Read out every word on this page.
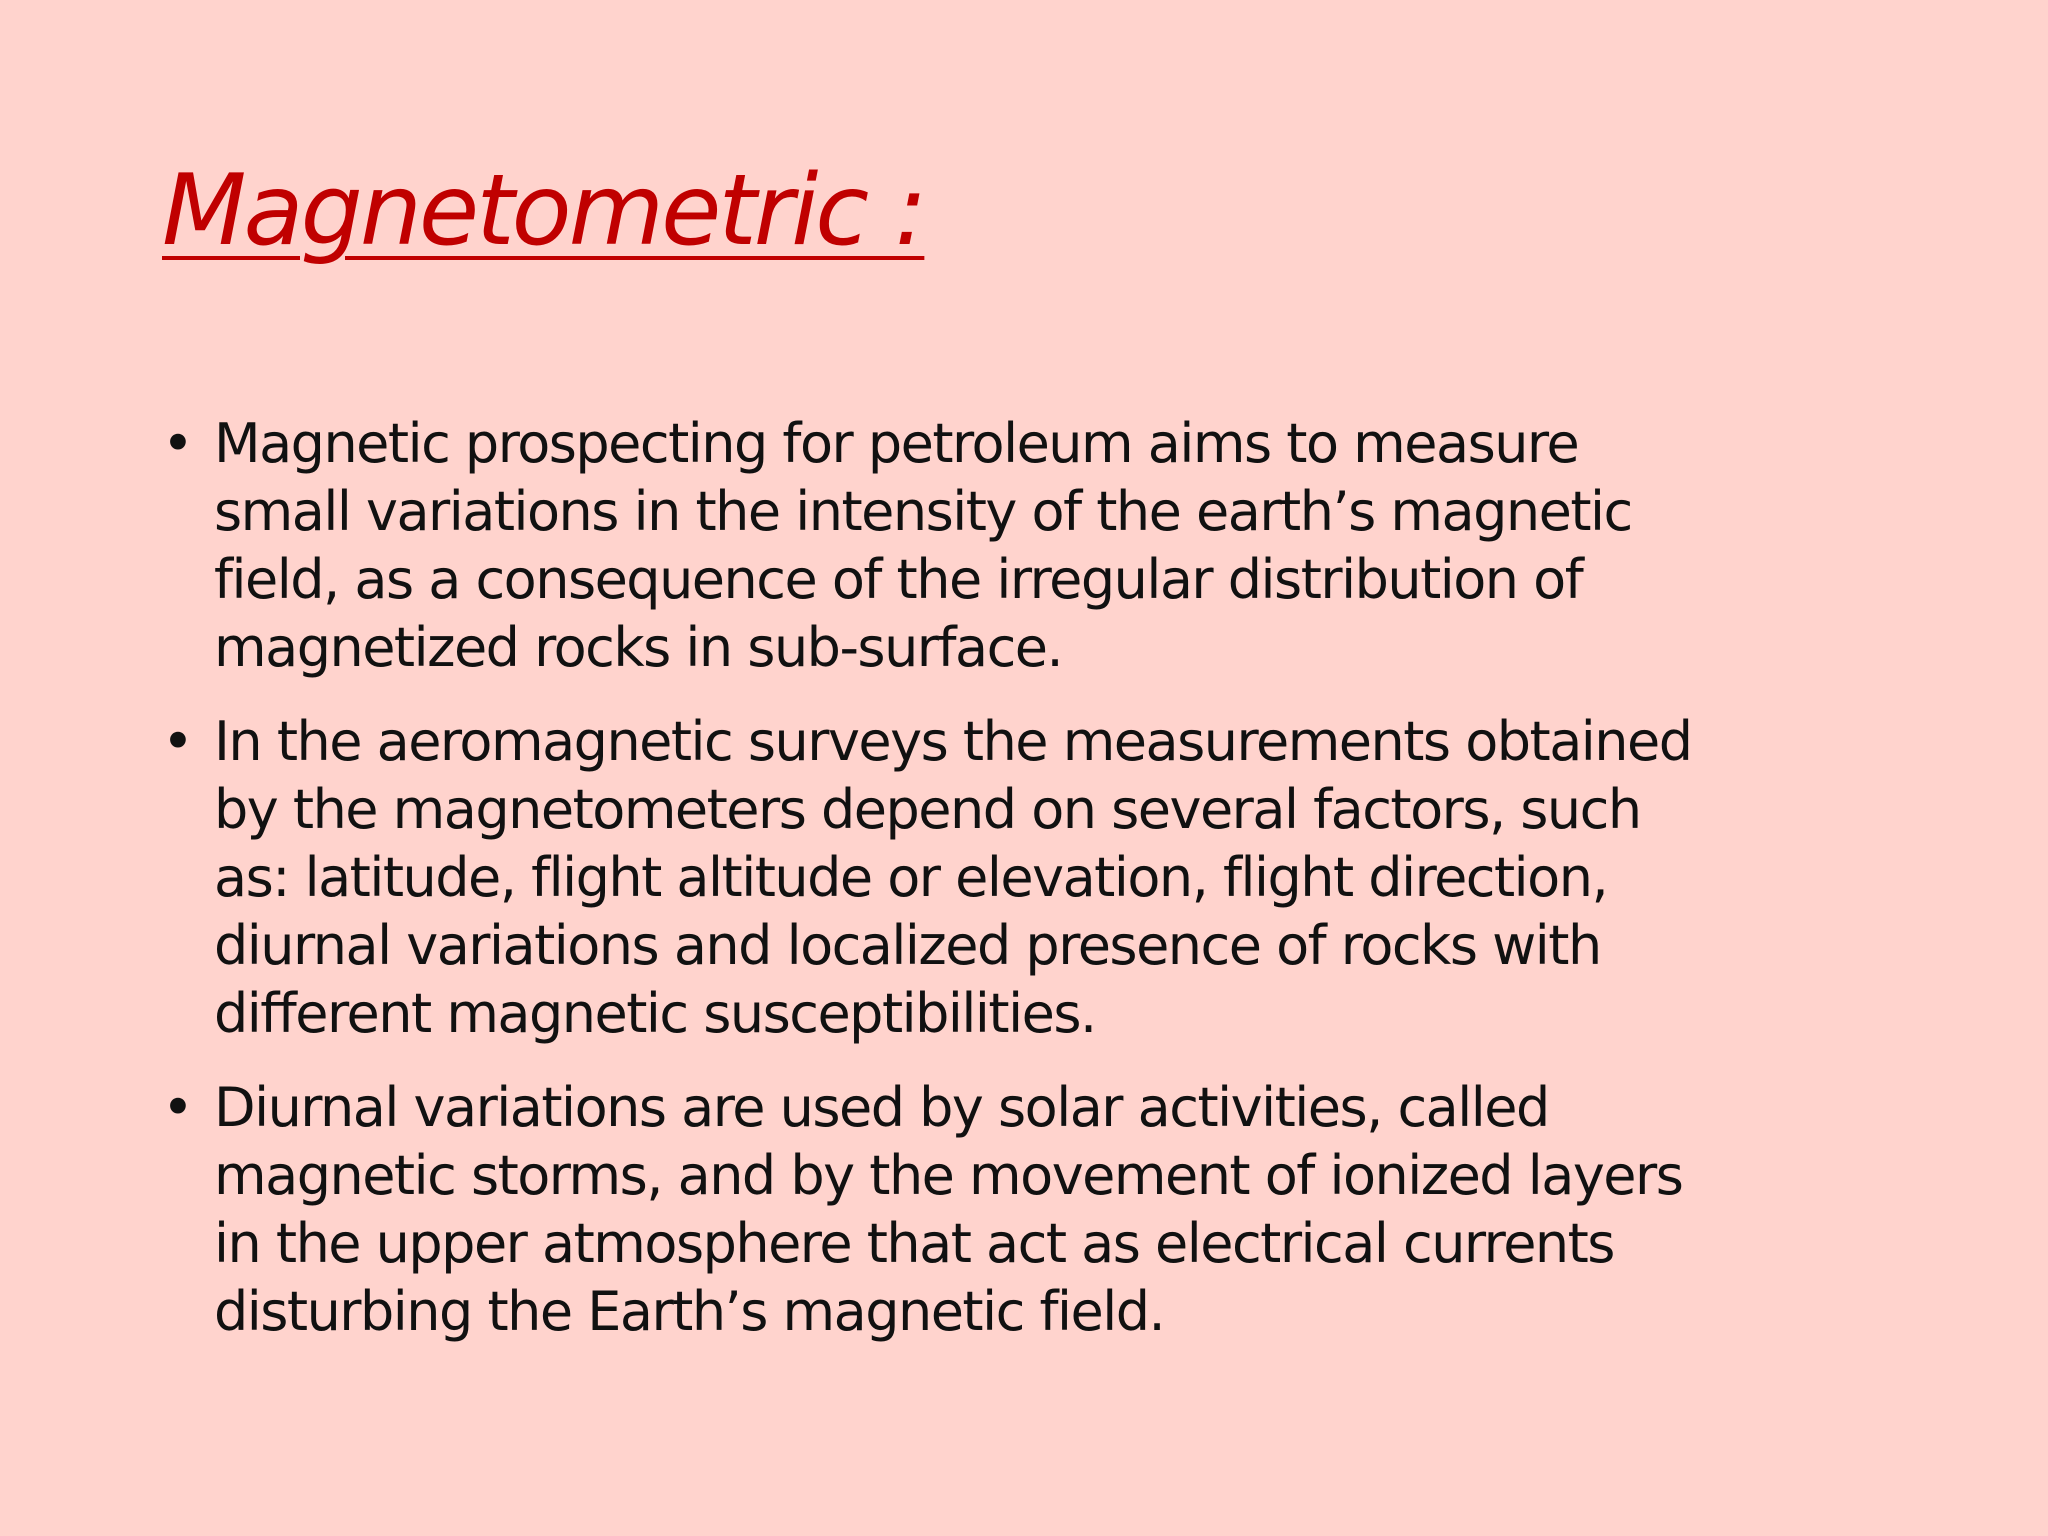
Magnetometric :
• Magnetic prospecting for petroleum aims to measure
small variations in the intensity of the earth’s magnetic
field, as a consequence of the irregular distribution of
magnetized rocks in sub-surface.
• In the aeromagnetic surveys the measurements obtained
by the magnetometers depend on several factors, such
as: latitude, flight altitude or elevation, flight direction,
diurnal variations and localized presence of rocks with
different magnetic susceptibilities.
• Diurnal variations are used by solar activities, called
magnetic storms, and by the movement of ionized layers
in the upper atmosphere that act as electrical currents
disturbing the Earth’s magnetic field.
